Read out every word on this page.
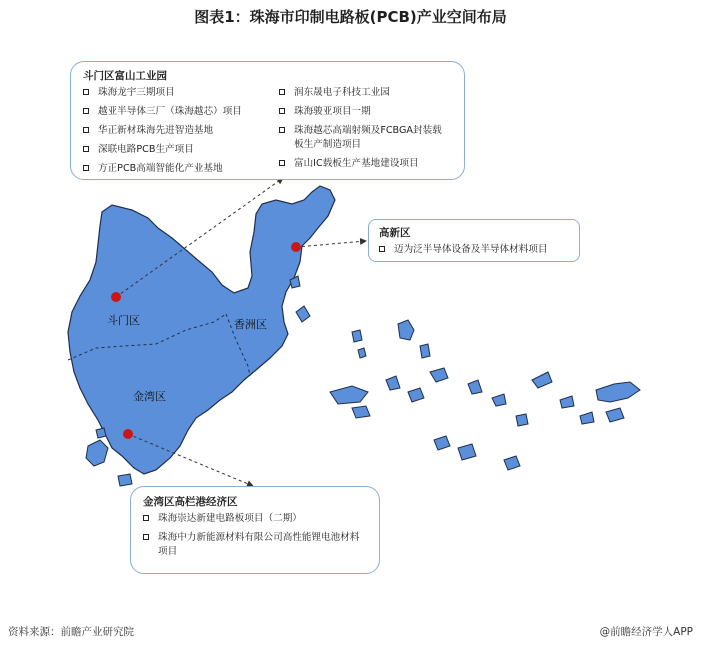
图表1：珠海市印制电路板(PCB)产业空间布局
斗门区	香洲区
金湾区
斗门区富山工业园
珠海龙宇三期项目
越亚半导体三厂（珠海越芯）项目
华正新材珠海先进智造基地
深联电路PCB生产项目
方正PCB高端智能化产业基地
润东晟电子科技工业园
珠海骏亚项目一期
珠海越芯高端射频及FCBGA封装载板生产制造项目
富山IC载板生产基地建设项目
高新区
迈为泛半导体设备及半导体材料项目
金湾区高栏港经济区
珠海崇达新建电路板项目（二期）
珠海中力新能源材料有限公司高性能锂电池材料项目
资料来源：前瞻产业研究院	@前瞻经济学人APP
